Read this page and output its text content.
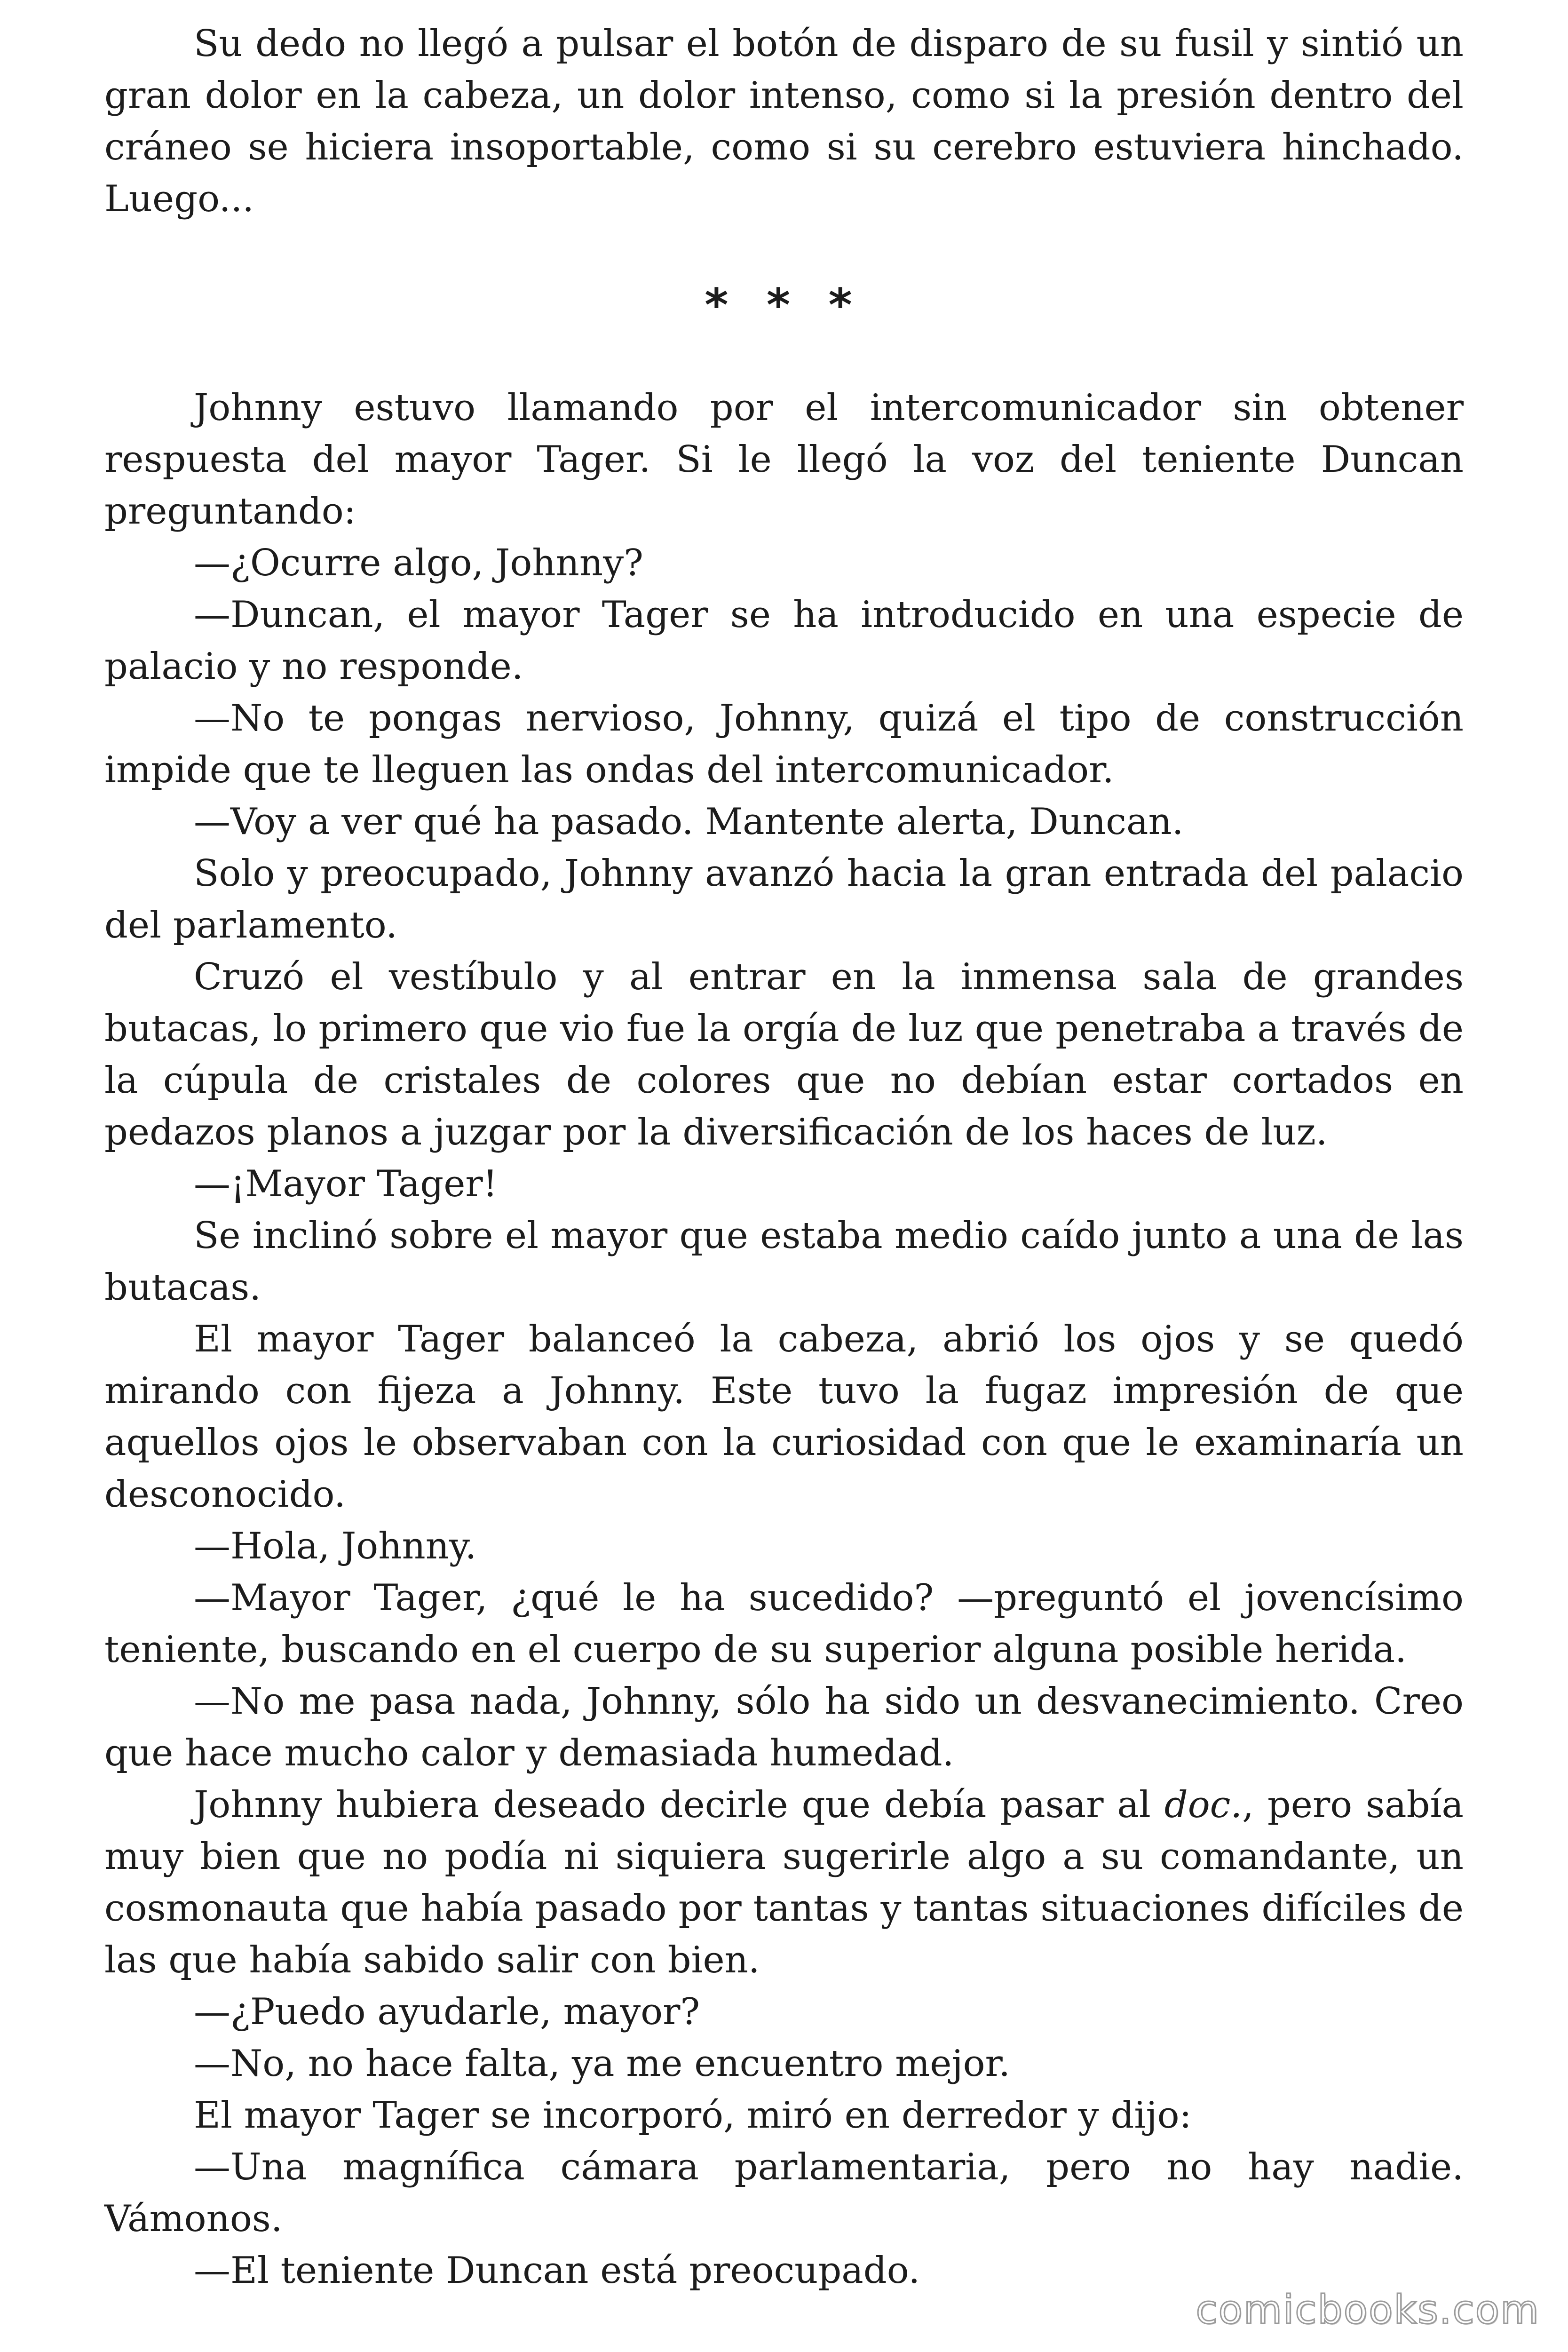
Su dedo no llegó a pulsar el botón de disparo de su fusil y sintió un gran dolor en la cabeza, un dolor intenso, como si la presión dentro del cráneo se hiciera insoportable, como si su cerebro estuviera hinchado. Luego...

* * *

Johnny estuvo llamando por el intercomunicador sin obtener respuesta del mayor Tager. Si le llegó la voz del teniente Duncan preguntando:

—¿Ocurre algo, Johnny?

—Duncan, el mayor Tager se ha introducido en una especie de palacio y no responde.

—No te pongas nervioso, Johnny, quizá el tipo de construcción impide que te lleguen las ondas del intercomunicador.

—Voy a ver qué ha pasado. Mantente alerta, Duncan.

Solo y preocupado, Johnny avanzó hacia la gran entrada del palacio del parlamento.

Cruzó el vestíbulo y al entrar en la inmensa sala de grandes butacas, lo primero que vio fue la orgía de luz que penetraba a través de la cúpula de cristales de colores que no debían estar cortados en pedazos planos a juzgar por la diversificación de los haces de luz.

—¡Mayor Tager!

Se inclinó sobre el mayor que estaba medio caído junto a una de las butacas.

El mayor Tager balanceó la cabeza, abrió los ojos y se quedó mirando con fijeza a Johnny. Este tuvo la fugaz impresión de que aquellos ojos le observaban con la curiosidad con que le examinaría un desconocido.

—Hola, Johnny.

—Mayor Tager, ¿qué le ha sucedido? —preguntó el jovencísimo teniente, buscando en el cuerpo de su superior alguna posible herida.

—No me pasa nada, Johnny, sólo ha sido un desvanecimiento. Creo que hace mucho calor y demasiada humedad.

Johnny hubiera deseado decirle que debía pasar al doc., pero sabía muy bien que no podía ni siquiera sugerirle algo a su comandante, un cosmonauta que había pasado por tantas y tantas situaciones difíciles de las que había sabido salir con bien.

—¿Puedo ayudarle, mayor?

—No, no hace falta, ya me encuentro mejor.

El mayor Tager se incorporó, miró en derredor y dijo:

—Una magnífica cámara parlamentaria, pero no hay nadie. Vámonos.

—El teniente Duncan está preocupado.

comicbooks.com
